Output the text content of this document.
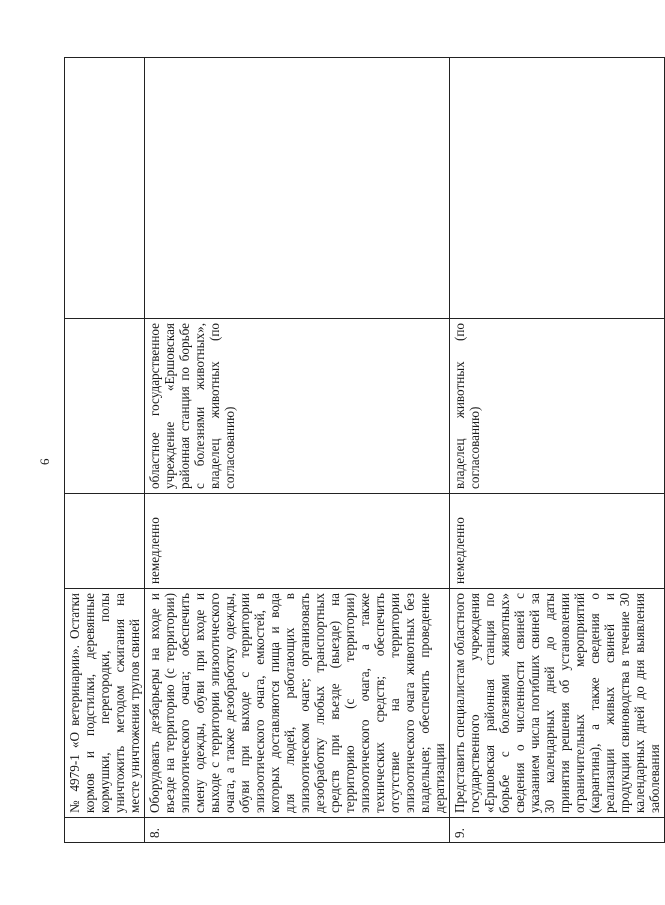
6
	№ 4979-1 «О ветеринарии». Остатки кормов и подстилки, деревянные кормушки, перегородки, полы уничтожить методом сжигания на месте уничтожения трупов свиней			
8.	Оборудовать дезбарьеры на входе и въезде на территорию (с территории) эпизоотического очага; обеспечить смену одежды, обуви при входе и выходе с территории эпизоотического очага, а также дезобработку одежды, обуви при выходе с территории эпизоотического очага, емкостей, в которых доставляются пища и вода для людей, работающих в эпизоотическом очаге; организовать дезобработку любых транспортных средств при въезде (выезде) на территорию (с территории) эпизоотического очага, а также технических средств; обеспечить отсутствие на территории эпизоотического очага животных без владельцев; обеспечить проведение дератизации	немедленно	областное государственное учреждение «Ершовская районная станция по борьбе с болезнями животных», владелец животных (по согласованию)	
9.	Представить специалистам областного государственного учреждения «Ершовская районная станция по борьбе с болезнями животных» сведения о численности свиней с указанием числа погибших свиней за 30 календарных дней до даты принятия решения об установлении ограничительных мероприятий (карантина), а также сведения о реализации живых свиней и продукции свиноводства в течение 30 календарных дней до дня выявления заболевания	немедленно	владелец животных (по согласованию)	
